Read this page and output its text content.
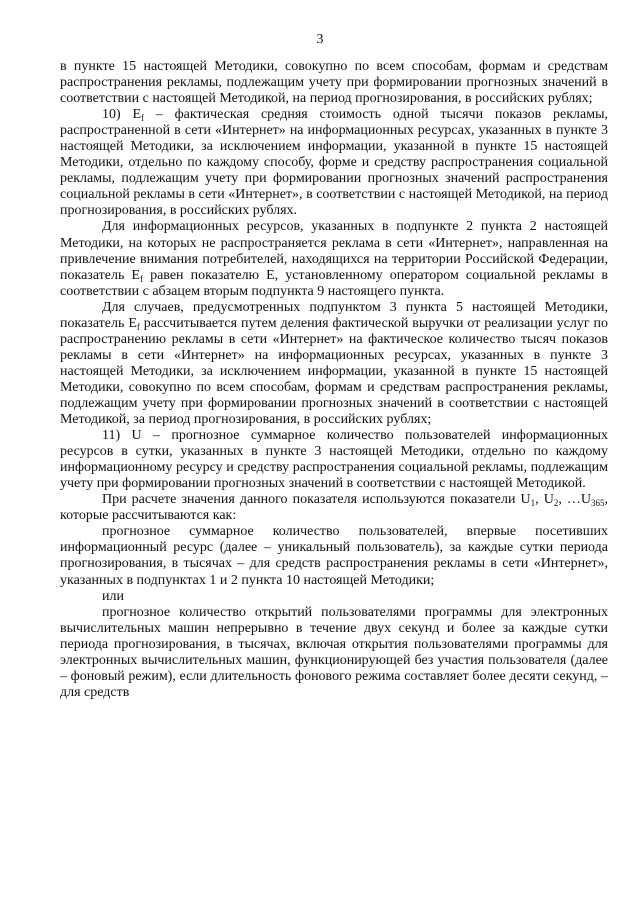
3

в пункте 15 настоящей Методики, совокупно по всем способам, формам и средствам распространения рекламы, подлежащим учету при формировании прогнозных значений в соответствии с настоящей Методикой, на период прогнозирования, в российских рублях;

10) $E_f$ – фактическая средняя стоимость одной тысячи показов рекламы, распространенной в сети «Интернет» на информационных ресурсах, указанных в пункте 3 настоящей Методики, за исключением информации, указанной в пункте 15 настоящей Методики, отдельно по каждому способу, форме и средству распространения социальной рекламы, подлежащим учету при формировании прогнозных значений распространения социальной рекламы в сети «Интернет», в соответствии с настоящей Методикой, на период прогнозирования, в российских рублях.

Для информационных ресурсов, указанных в подпункте 2 пункта 2 настоящей Методики, на которых не распространяется реклама в сети «Интернет», направленная на привлечение внимания потребителей, находящихся на территории Российской Федерации, показатель $E_f$ равен показателю E, установленному оператором социальной рекламы в соответствии с абзацем вторым подпункта 9 настоящего пункта.

Для случаев, предусмотренных подпунктом 3 пункта 5 настоящей Методики, показатель $E_f$ рассчитывается путем деления фактической выручки от реализации услуг по распространению рекламы в сети «Интернет» на фактическое количество тысяч показов рекламы в сети «Интернет» на информационных ресурсах, указанных в пункте 3 настоящей Методики, за исключением информации, указанной в пункте 15 настоящей Методики, совокупно по всем способам, формам и средствам распространения рекламы, подлежащим учету при формировании прогнозных значений в соответствии с настоящей Методикой, за период прогнозирования, в российских рублях;

11) U – прогнозное суммарное количество пользователей информационных ресурсов в сутки, указанных в пункте 3 настоящей Методики, отдельно по каждому информационному ресурсу и средству распространения социальной рекламы, подлежащим учету при формировании прогнозных значений в соответствии с настоящей Методикой.

При расчете значения данного показателя используются показатели $U_1$, $U_2$, $\dots U_{365}$, которые рассчитываются как:

прогнозное суммарное количество пользователей, впервые посетивших информационный ресурс (далее – уникальный пользователь), за каждые сутки периода прогнозирования, в тысячах – для средств распространения рекламы в сети «Интернет», указанных в подпунктах 1 и 2 пункта 10 настоящей Методики;

или

прогнозное количество открытий пользователями программы для электронных вычислительных машин непрерывно в течение двух секунд и более за каждые сутки периода прогнозирования, в тысячах, включая открытия пользователями программы для электронных вычислительных машин, функционирующей без участия пользователя (далее – фоновый режим), если длительность фонового режима составляет более десяти секунд, – для средств
